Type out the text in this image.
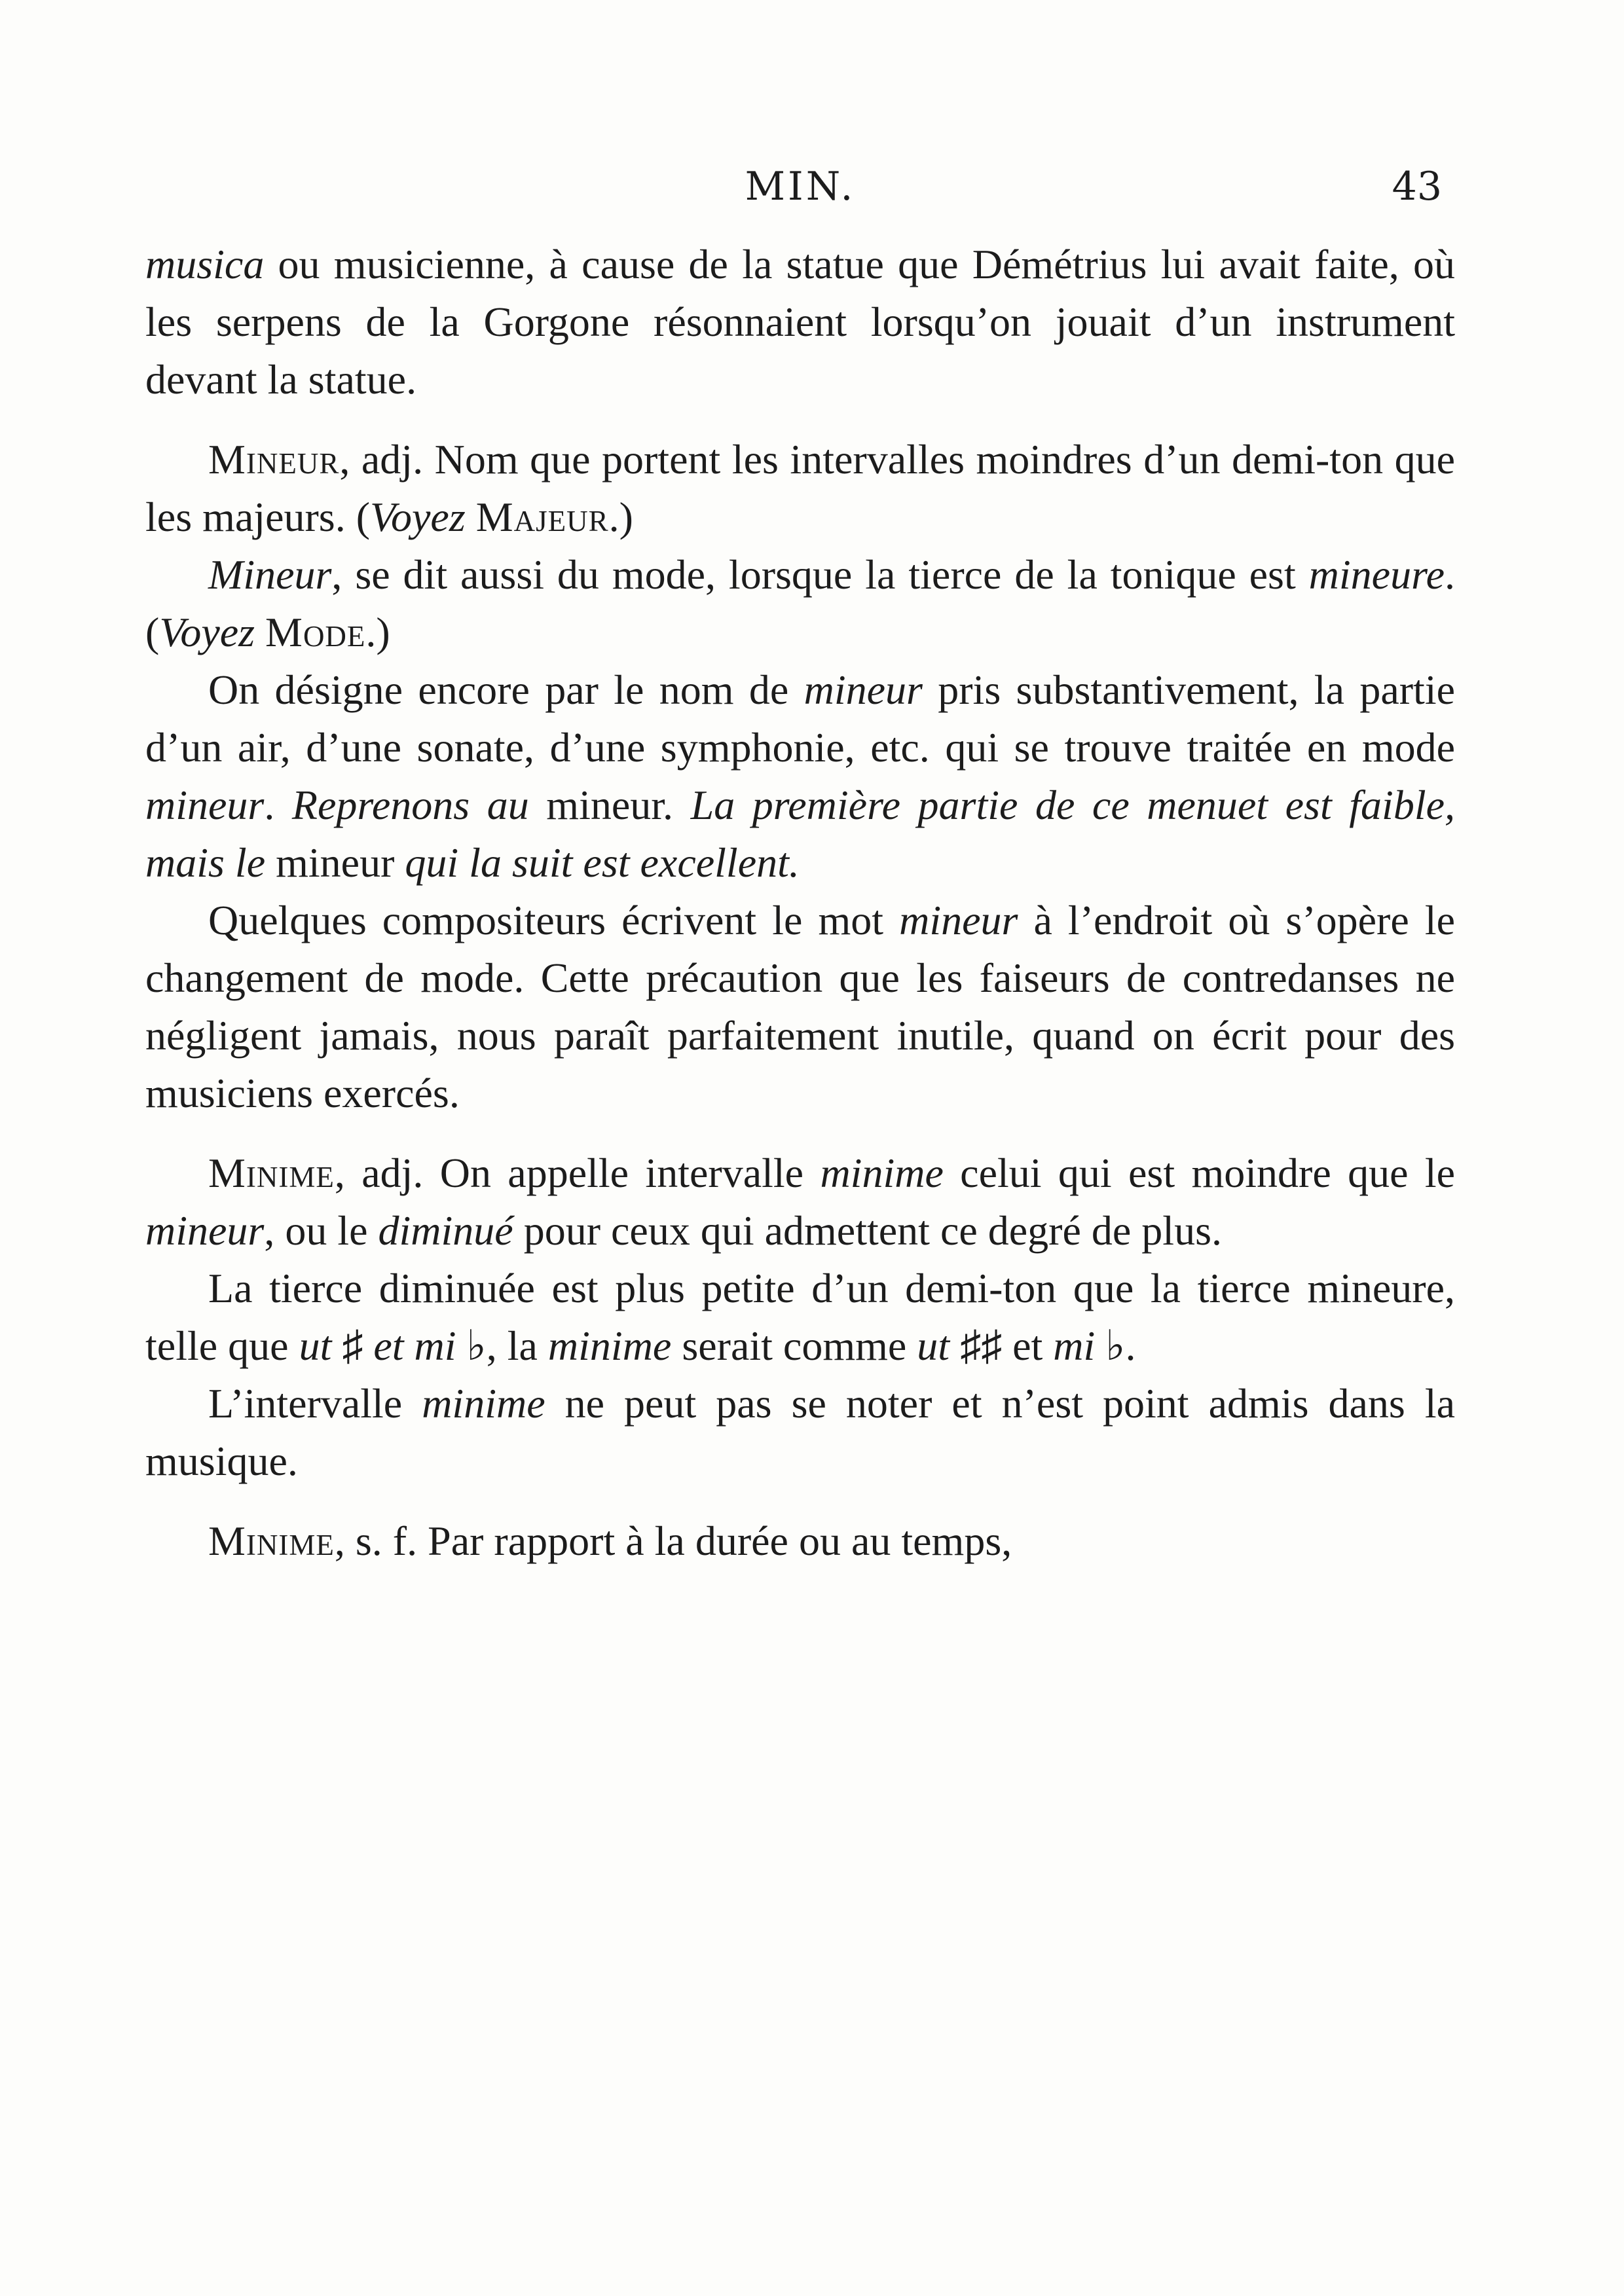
MIN.	43

musica ou musicienne, à cause de la statue que Démétrius lui avait faite, où les serpens de la Gorgone résonnaient lorsqu’on jouait d’un instrument devant la statue.

Mineur, adj. Nom que portent les intervalles moindres d’un demi-ton que les majeurs. (Voyez Majeur.)

Mineur, se dit aussi du mode, lorsque la tierce de la tonique est mineure. (Voyez Mode.)

On désigne encore par le nom de mineur pris substantivement, la partie d’un air, d’une sonate, d’une symphonie, etc. qui se trouve traitée en mode mineur. Reprenons au mineur. La première partie de ce menuet est faible, mais le mineur qui la suit est excellent.

Quelques compositeurs écrivent le mot mineur à l’endroit où s’opère le changement de mode. Cette précaution que les faiseurs de contredanses ne négligent jamais, nous paraît parfaitement inutile, quand on écrit pour des musiciens exercés.

Minime, adj. On appelle intervalle minime celui qui est moindre que le mineur, ou le diminué pour ceux qui admettent ce degré de plus.

La tierce diminuée est plus petite d’un demi-ton que la tierce mineure, telle que ut ♯ et mi ♭, la minime serait comme ut ♯♯ et mi ♭.

L’intervalle minime ne peut pas se noter et n’est point admis dans la musique.

Minime, s. f. Par rapport à la durée ou au temps,
